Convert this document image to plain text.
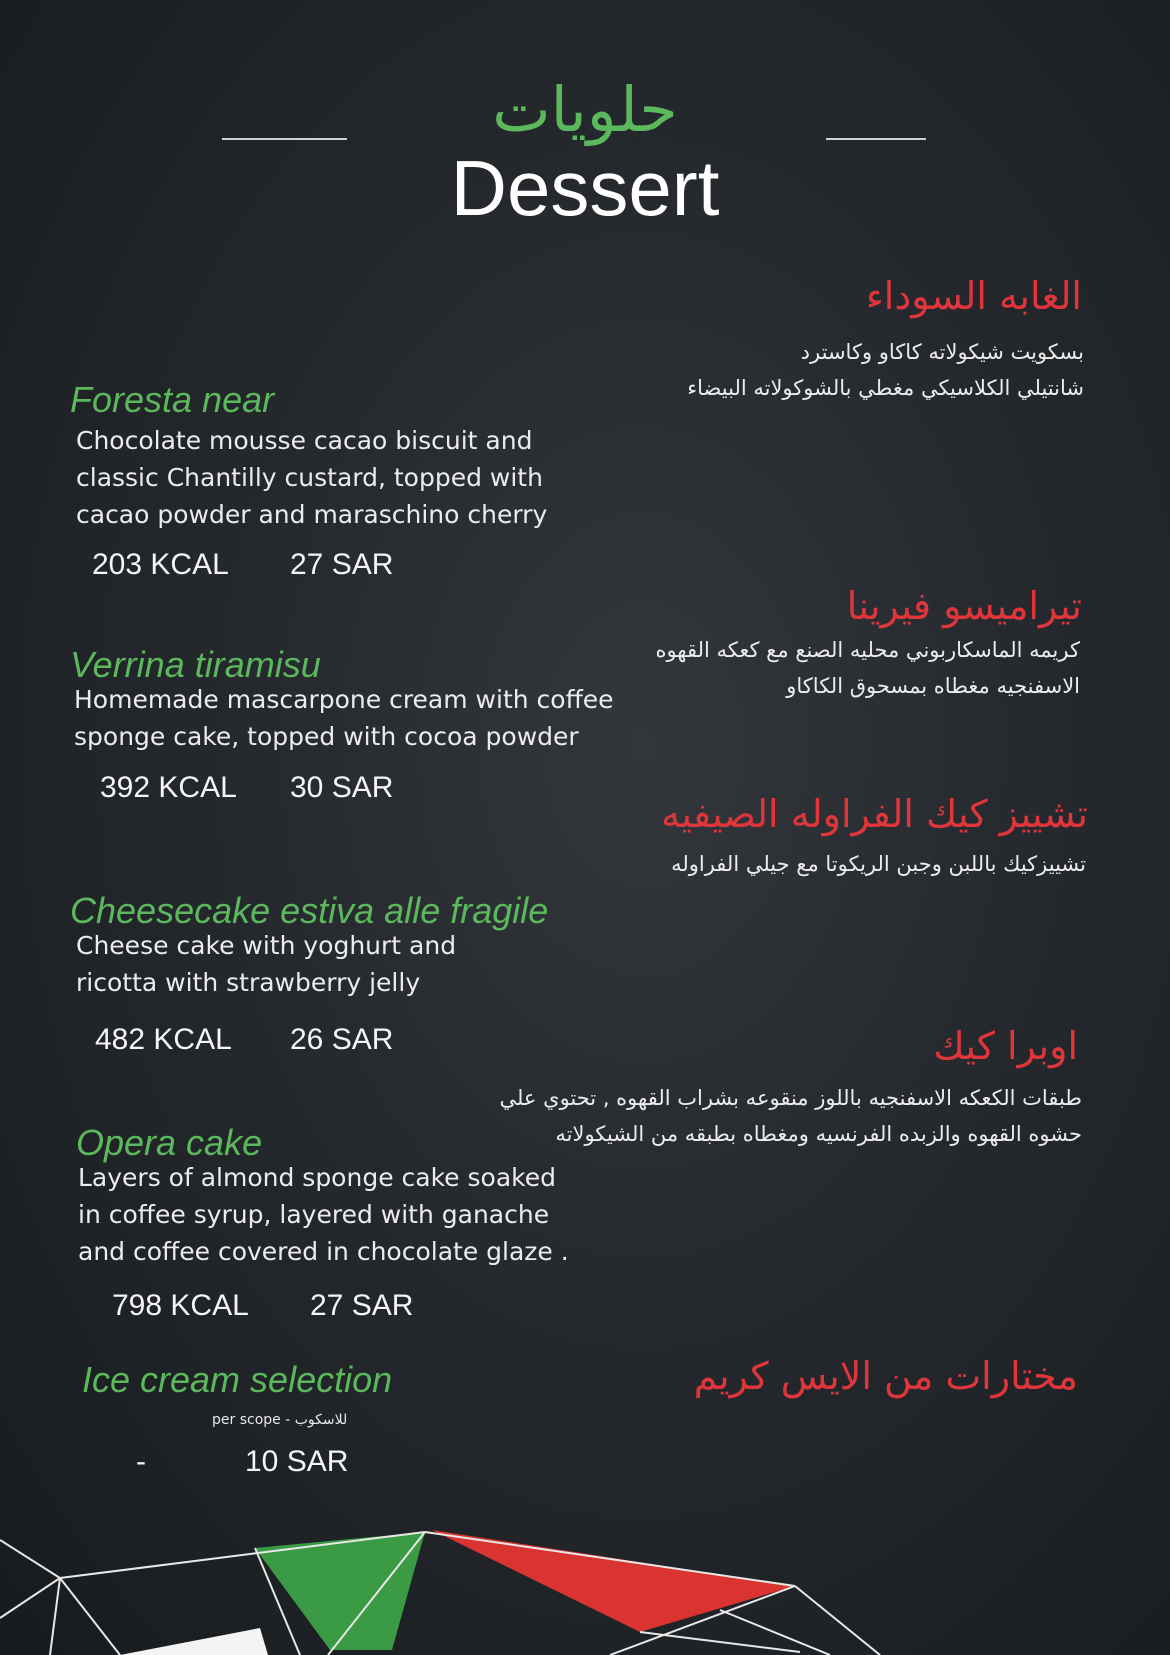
حلويات
Dessert
Foresta near
Chocolate mousse cacao biscuit and
classic Chantilly custard, topped with
cacao powder and maraschino cherry
203 KCAL 27 SAR
Verrina tiramisu
Homemade mascarpone cream with coffee
sponge cake, topped with cocoa powder
392 KCAL 30 SAR
Cheesecake estiva alle fragile
Cheese cake with yoghurt and
ricotta with strawberry jelly
482 KCAL 26 SAR
Opera cake
Layers of almond sponge cake soaked
in coffee syrup, layered with ganache
and coffee covered in chocolate glaze .
798 KCAL 27 SAR
Ice cream selection
per scope - للاسكوب
-	10 SAR
الغابه السوداء
بسكويت شيكولاته كاكاو وكاسترد
شانتيلي الكلاسيكي مغطي بالشوكولاته البيضاء
تيراميسو فيرينا
كريمه الماسكاربوني محليه الصنع مع كعكه القهوه
الاسفنجيه مغطاه بمسحوق الكاكاو
تشييز كيك الفراوله الصيفيه
تشييزكيك باللبن وجبن الريكوتا مع جيلي الفراوله
اوبرا كيك
طبقات الكعكه الاسفنجيه باللوز منقوعه بشراب القهوه , تحتوي علي
حشوه القهوه والزبده الفرنسيه ومغطاه بطبقه من الشيكولاته
مختارات من الايس كريم
